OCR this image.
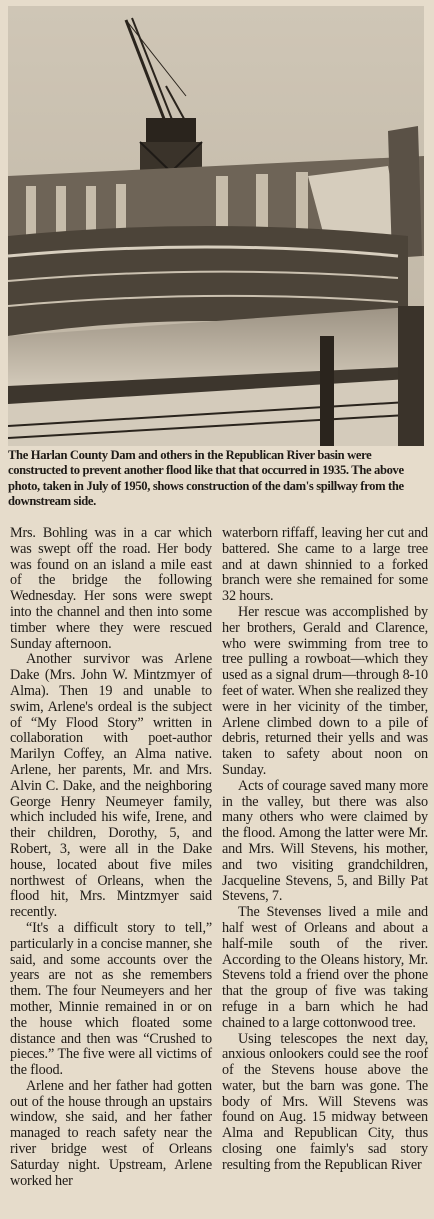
The Harlan County Dam and others in the Republican River basin were constructed to prevent another flood like that that occurred in 1935. The above photo, taken in July of 1950, shows construction of the dam's spillway from the downstream side.

Mrs. Bohling was in a car which was swept off the road. Her body was found on an island a mile east of the bridge the following Wednesday. Her sons were swept into the channel and then into some timber where they were rescued Sunday afternoon.

Another survivor was Arlene Dake (Mrs. John W. Mintzmyer of Alma). Then 19 and unable to swim, Arlene's ordeal is the subject of “My Flood Story” written in collaboration with poet-author Marilyn Coffey, an Alma native. Arlene, her parents, Mr. and Mrs. Alvin C. Dake, and the neighboring George Henry Neumeyer family, which included his wife, Irene, and their children, Dorothy, 5, and Robert, 3, were all in the Dake house, located about five miles northwest of Orleans, when the flood hit, Mrs. Mintzmyer said recently.

“It's a difficult story to tell,” particularly in a concise manner, she said, and some accounts over the years are not as she remembers them. The four Neumeyers and her mother, Minnie remained in or on the house which floated some distance and then was “Crushed to pieces.” The five were all victims of the flood.

Arlene and her father had gotten out of the house through an upstairs window, she said, and her father managed to reach safety near the river bridge west of Orleans Saturday night. Upstream, Arlene worked her

waterborn riffaff, leaving her cut and battered. She came to a large tree and at dawn shinnied to a forked branch were she remained for some 32 hours.

Her rescue was accomplished by her brothers, Gerald and Clarence, who were swimming from tree to tree pulling a rowboat—which they used as a signal drum—through 8-10 feet of water. When she realized they were in her vicinity of the timber, Arlene climbed down to a pile of debris, returned their yells and was taken to safety about noon on Sunday.

Acts of courage saved many more in the valley, but there was also many others who were claimed by the flood. Among the latter were Mr. and Mrs. Will Stevens, his mother, and two visiting grandchildren, Jacqueline Stevens, 5, and Billy Pat Stevens, 7.

The Stevenses lived a mile and half west of Orleans and about a half-mile south of the river. According to the Oleans history, Mr. Stevens told a friend over the phone that the group of five was taking refuge in a barn which he had chained to a large cottonwood tree.

Using telescopes the next day, anxious onlookers could see the roof of the Stevens house above the water, but the barn was gone. The body of Mrs. Will Stevens was found on Aug. 15 midway between Alma and Republican City, thus closing one faimly's sad story resulting from the Republican River
